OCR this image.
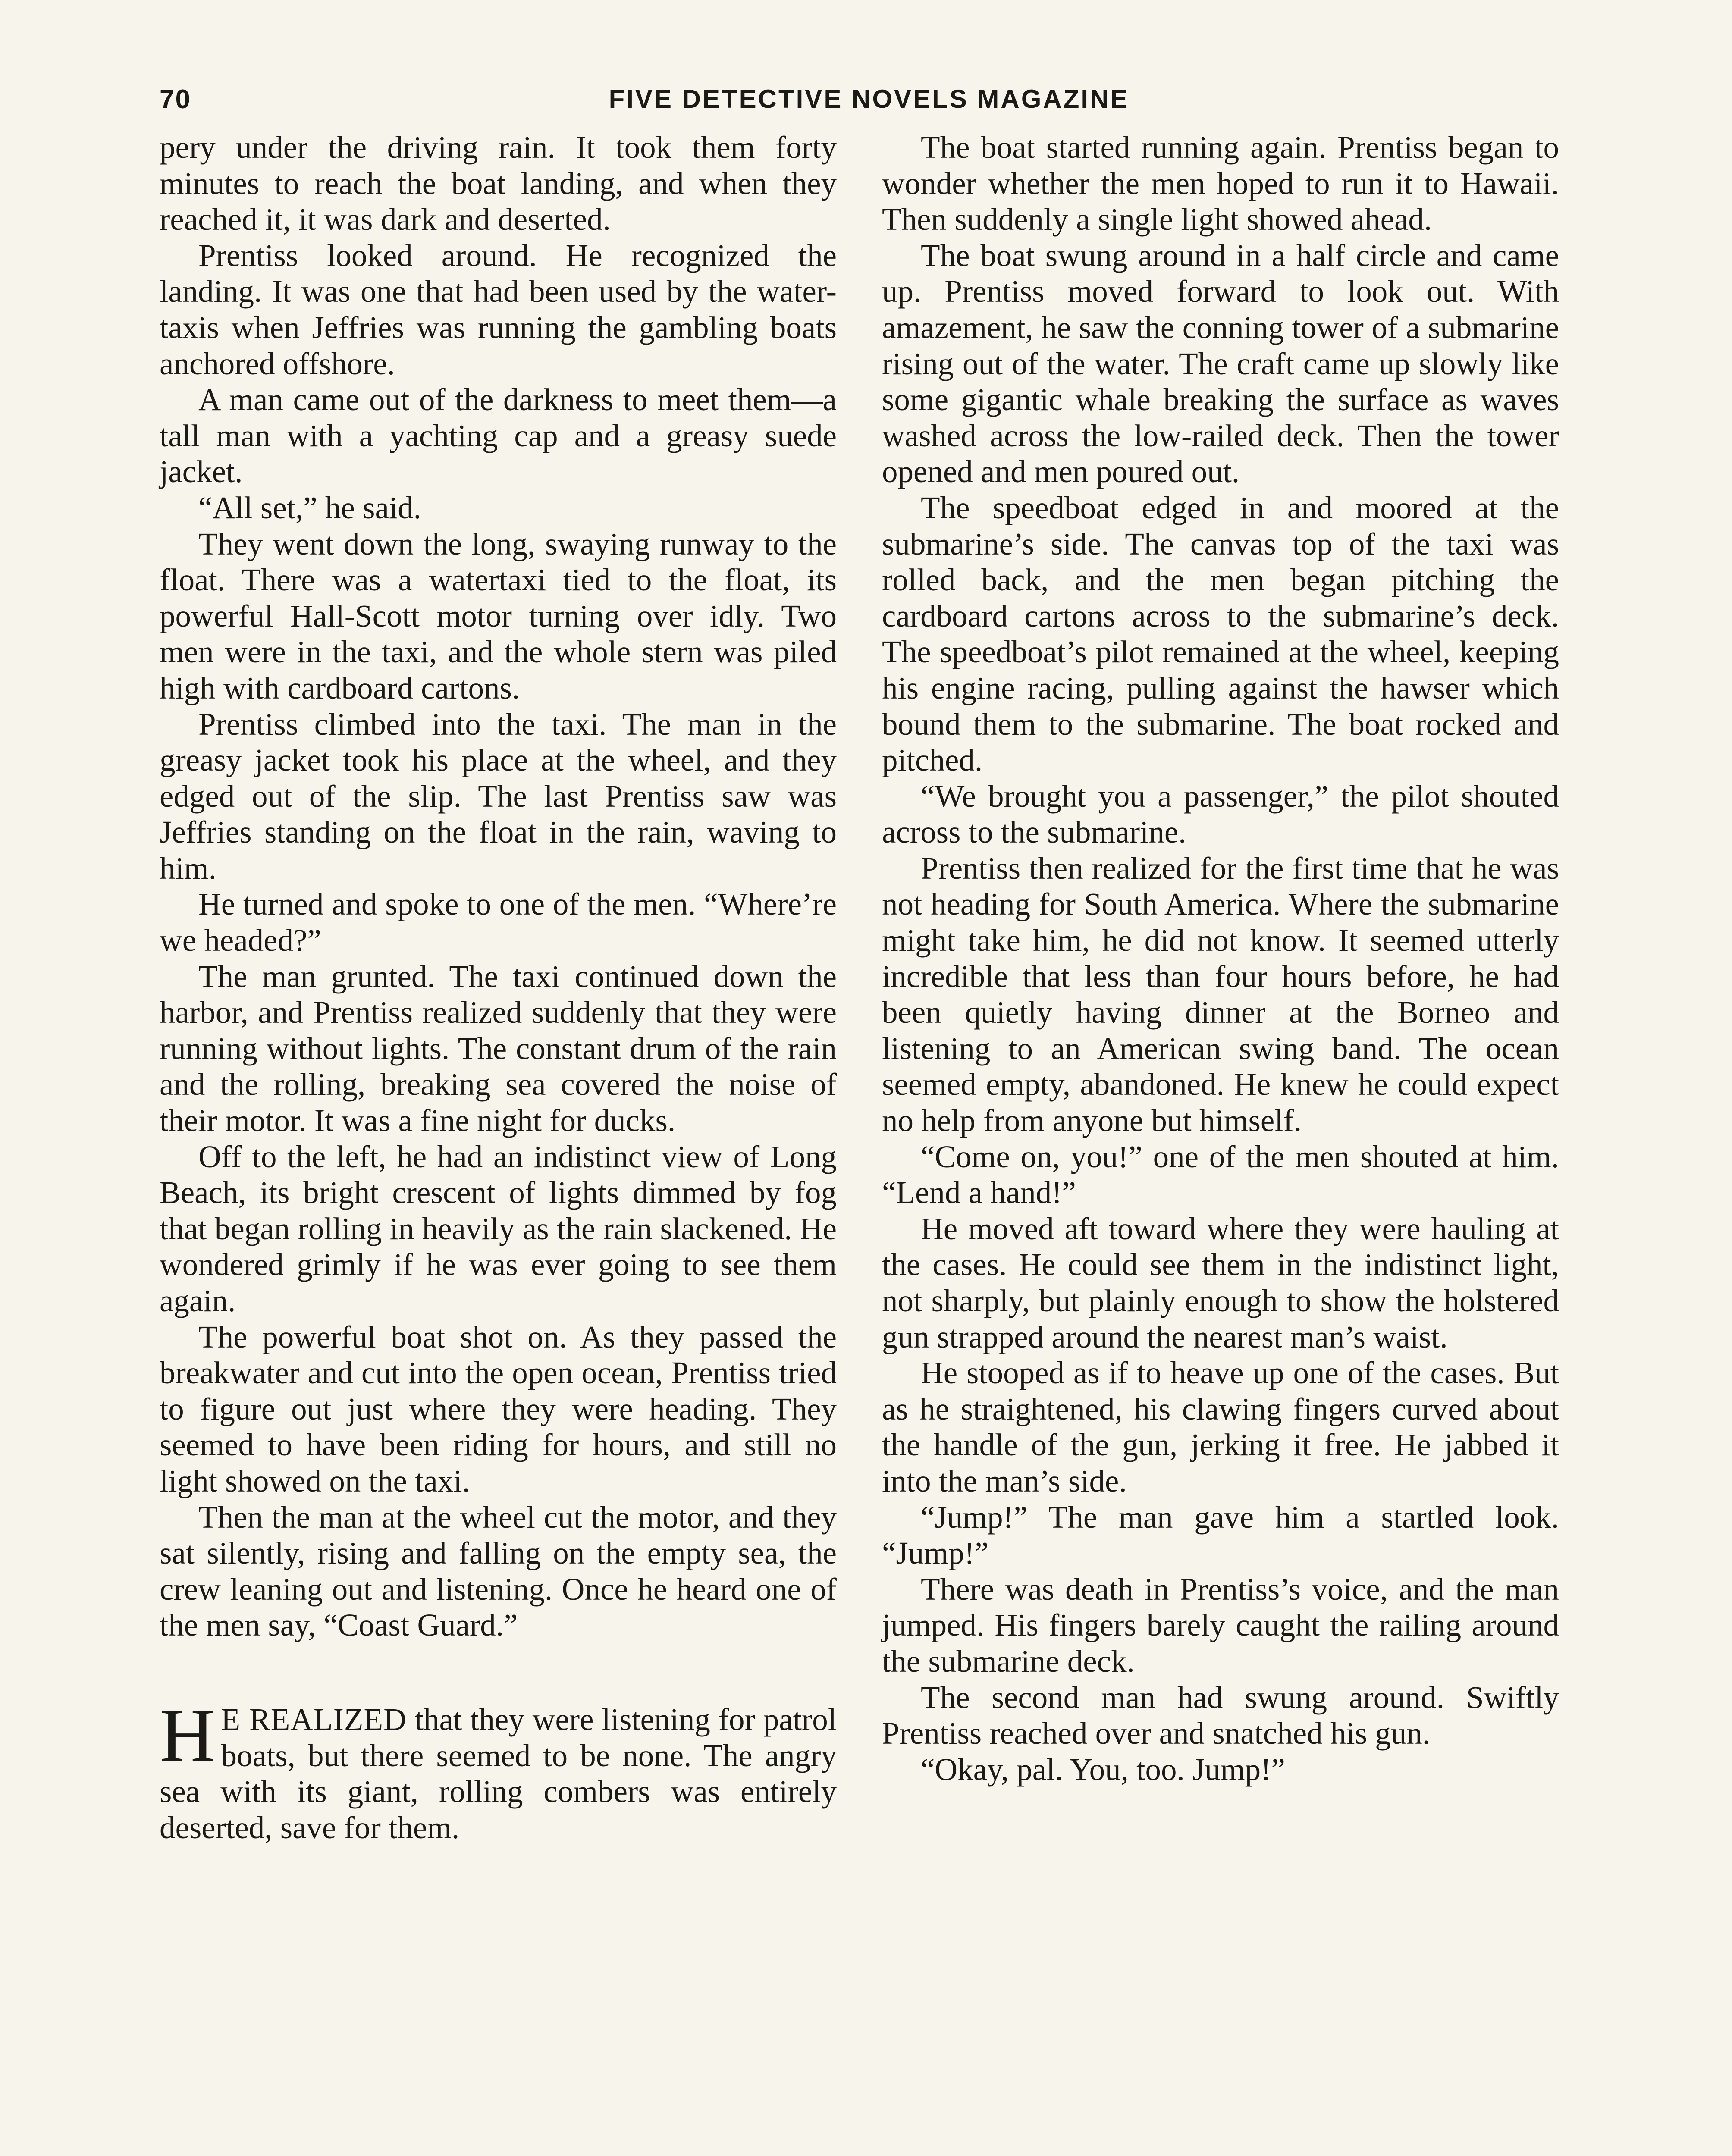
70	FIVE DETECTIVE NOVELS MAGAZINE

pery under the driving rain. It took them forty minutes to reach the boat landing, and when they reached it, it was dark and deserted.

Prentiss looked around. He recognized the landing. It was one that had been used by the water-taxis when Jeffries was running the gambling boats anchored offshore.

A man came out of the darkness to meet them—a tall man with a yachting cap and a greasy suede jacket.

“All set,” he said.

They went down the long, swaying runway to the float. There was a watertaxi tied to the float, its powerful Hall-Scott motor turning over idly. Two men were in the taxi, and the whole stern was piled high with cardboard cartons.

Prentiss climbed into the taxi. The man in the greasy jacket took his place at the wheel, and they edged out of the slip. The last Prentiss saw was Jeffries standing on the float in the rain, waving to him.

He turned and spoke to one of the men. “Where’re we headed?”

The man grunted. The taxi continued down the harbor, and Prentiss realized suddenly that they were running without lights. The constant drum of the rain and the rolling, breaking sea covered the noise of their motor. It was a fine night for ducks.

Off to the left, he had an indistinct view of Long Beach, its bright crescent of lights dimmed by fog that began rolling in heavily as the rain slackened. He wondered grimly if he was ever going to see them again.

The powerful boat shot on. As they passed the breakwater and cut into the open ocean, Prentiss tried to figure out just where they were heading. They seemed to have been riding for hours, and still no light showed on the taxi.

Then the man at the wheel cut the motor, and they sat silently, rising and falling on the empty sea, the crew leaning out and listening. Once he heard one of the men say, “Coast Guard.”

H E REALIZED that they were listening for patrol boats, but there seemed to be none. The angry sea with its giant, rolling combers was entirely deserted, save for them.

The boat started running again. Prentiss began to wonder whether the men hoped to run it to Hawaii. Then suddenly a single light showed ahead.

The boat swung around in a half circle and came up. Prentiss moved forward to look out. With amazement, he saw the conning tower of a submarine rising out of the water. The craft came up slowly like some gigantic whale breaking the surface as waves washed across the low-railed deck. Then the tower opened and men poured out.

The speedboat edged in and moored at the submarine’s side. The canvas top of the taxi was rolled back, and the men began pitching the cardboard cartons across to the submarine’s deck. The speedboat’s pilot remained at the wheel, keeping his engine racing, pulling against the hawser which bound them to the submarine. The boat rocked and pitched.

“We brought you a passenger,” the pilot shouted across to the submarine.

Prentiss then realized for the first time that he was not heading for South America. Where the submarine might take him, he did not know. It seemed utterly incredible that less than four hours before, he had been quietly having dinner at the Borneo and listening to an American swing band. The ocean seemed empty, abandoned. He knew he could expect no help from anyone but himself.

“Come on, you!” one of the men shouted at him. “Lend a hand!”

He moved aft toward where they were hauling at the cases. He could see them in the indistinct light, not sharply, but plainly enough to show the holstered gun strapped around the nearest man’s waist.

He stooped as if to heave up one of the cases. But as he straightened, his clawing fingers curved about the handle of the gun, jerking it free. He jabbed it into the man’s side.

“Jump!” The man gave him a startled look. “Jump!”

There was death in Prentiss’s voice, and the man jumped. His fingers barely caught the railing around the submarine deck.

The second man had swung around. Swiftly Prentiss reached over and snatched his gun.

“Okay, pal. You, too. Jump!”
